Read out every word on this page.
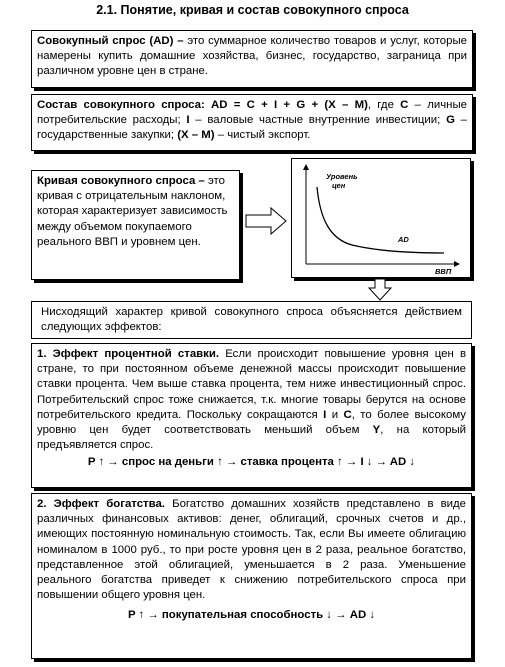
2.1. Понятие, кривая и состав совокупного спроса
Совокупный спрос (AD) – это суммарное количество товаров и услуг, которые намерены купить домашние хозяйства, бизнес, государство, заграница при различном уровне цен в стране.
Состав совокупного спроса: AD = C + I + G + (X – M), где C – личные потребительские расходы; I – валовые частные внутренние инвестиции; G – государственные закупки; (X – M) – чистый экспорт.
Кривая совокупного спроса – это кривая с отрицательным наклоном, которая характеризует зависимость между объемом покупаемого реального ВВП и уровнем цен.
Уровень
цен
AD
ВВП
Нисходящий характер кривой совокупного спроса объясняется действием следующих эффектов:
1. Эффект процентной ставки. Если происходит повышение уровня цен в стране, то при постоянном объеме денежной массы происходит повышение ставки процента. Чем выше ставка процента, тем ниже инвестиционный спрос. Потребительский спрос тоже снижается, т.к. многие товары берутся на основе потребительского кредита. Поскольку сокращаются I и C, то более высокому уровню цен будет соответствовать меньший объем Y, на который предъявляется спрос.
P ↑ → спрос на деньги ↑ → ставка процента ↑ → I ↓ → AD ↓
2. Эффект богатства. Богатство домашних хозяйств представлено в виде различных финансовых активов: денег, облигаций, срочных счетов и др., имеющих постоянную номинальную стоимость. Так, если Вы имеете облигацию номиналом в 1000 руб., то при росте уровня цен в 2 раза, реальное богатство, представленное этой облигацией, уменьшается в 2 раза. Уменьшение реального богатства приведет к снижению потребительского спроса при повышении общего уровня цен.
P ↑ → покупательная способность ↓ → AD ↓
